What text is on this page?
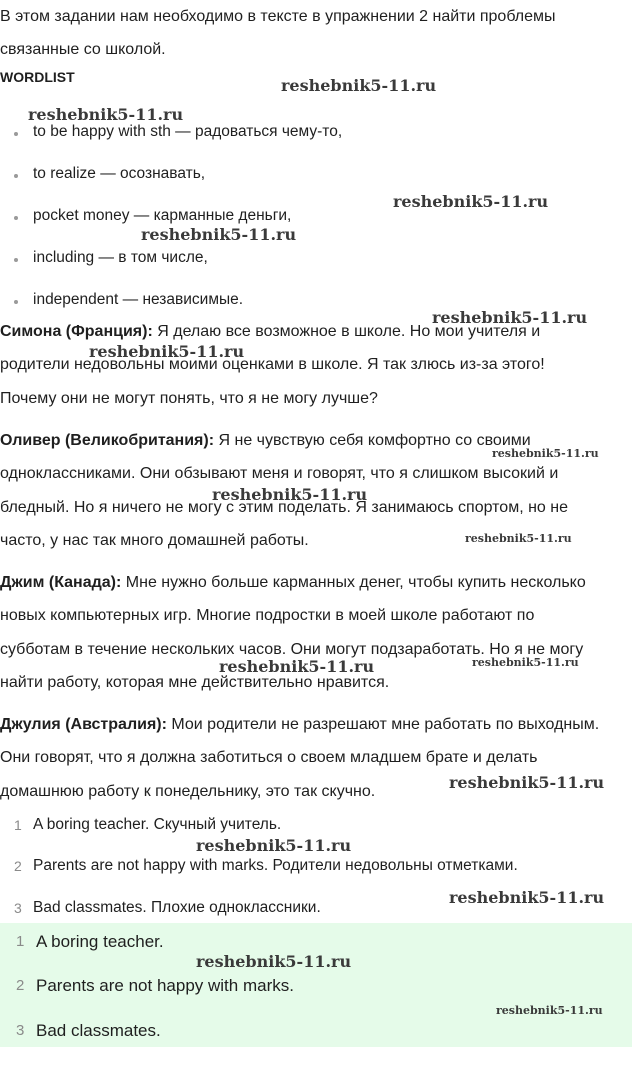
В этом задании нам необходимо в тексте в упражнении 2 найти проблемы
связанные со школой.
WORDLIST
to be happy with sth — радоваться чему-то,
to realize — осознавать,
pocket money — карманные деньги,
including — в том числе,
independent — независимые.
Симона (Франция): Я делаю все возможное в школе. Но мои учителя и
родители недовольны моими оценками в школе. Я так злюсь из-за этого!
Почему они не могут понять, что я не могу лучше?
Оливер (Великобритания): Я не чувствую себя комфортно со своими
одноклассниками. Они обзывают меня и говорят, что я слишком высокий и
бледный. Но я ничего не могу с этим поделать. Я занимаюсь спортом, но не
часто, у нас так много домашней работы.
Джим (Канада): Мне нужно больше карманных денег, чтобы купить несколько
новых компьютерных игр. Многие подростки в моей школе работают по
субботам в течение нескольких часов. Они могут подзаработать. Но я не могу
найти работу, которая мне действительно нравится.
Джулия (Австралия): Мои родители не разрешают мне работать по выходным.
Они говорят, что я должна заботиться о своем младшем брате и делать
домашнюю работу к понедельнику, это так скучно.
1 A boring teacher. Скучный учитель.
2 Parents are not happy with marks. Родители недовольны отметками.
3 Bad classmates. Плохие одноклассники.
1 A boring teacher.
2 Parents are not happy with marks.
3 Bad classmates.
reshebnik5-11.ru
reshebnik5-11.ru
reshebnik5-11.ru
reshebnik5-11.ru
reshebnik5-11.ru
reshebnik5-11.ru
reshebnik5-11.ru
reshebnik5-11.ru
reshebnik5-11.ru
reshebnik5-11.ru	reshebnik5-11.ru
reshebnik5-11.ru
reshebnik5-11.ru
reshebnik5-11.ru
reshebnik5-11.ru
reshebnik5-11.ru
